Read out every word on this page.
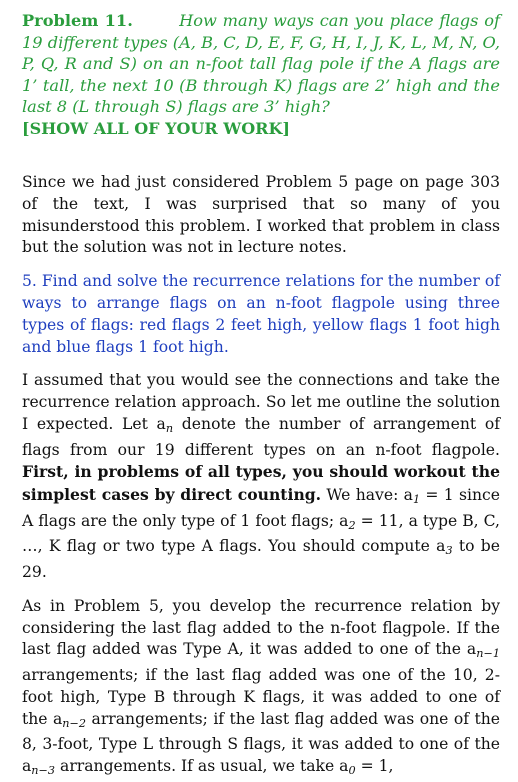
Problem 11.	How many ways can you place flags of 19 different types (A, B, C, D, E, F, G, H, I, J, K, L, M, N, O, P, Q, R and S) on an n-foot tall flag pole if the A flags are 1’ tall, the next 10 (B through K) flags are 2’ high and the last 8 (L through S) flags are 3’ high?
[SHOW ALL OF YOUR WORK]

Since we had just considered Problem 5 page on page 303 of the text, I was surprised that so many of you misunderstood this problem. I worked that problem in class but the solution was not in lecture notes.

5. Find and solve the recurrence relations for the number of ways to arrange flags on an n-foot flagpole using three types of flags: red flags 2 feet high, yellow flags 1 foot high and blue flags 1 foot high.

I assumed that you would see the connections and take the recurrence relation approach. So let me outline the solution I expected. Let $a_n$ denote the number of arrangement of flags from our 19 different types on an n-foot flagpole. First, in problems of all types, you should workout the simplest cases by direct counting. We have: $a_1 = 1$ since A flags are the only type of 1 foot flags; $a_2 = 11$, a type B, C, …, K flag or two type A flags. You should compute $a_3$ to be 29.

As in Problem 5, you develop the recurrence relation by considering the last flag added to the n-foot flagpole. If the last flag added was Type A, it was added to one of the $a_{n-1}$ arrangements; if the last flag added was one of the 10, 2-foot high, Type B through K flags, it was added to one of the $a_{n-2}$ arrangements; if the last flag added was one of the 8, 3-foot, Type L through S flags, it was added to one of the $a_{n-3}$ arrangements. If as usual, we take $a_0 = 1$,
